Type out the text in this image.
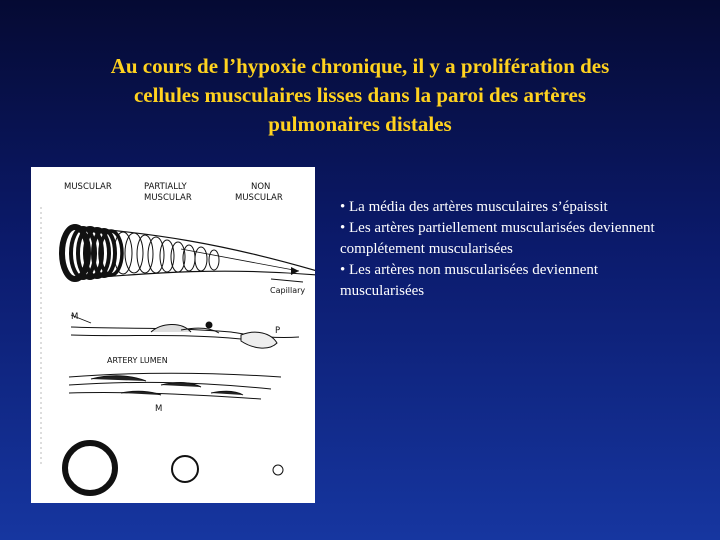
Au cours de l’hypoxie chronique, il y a prolifération des
cellules musculaires lisses dans la paroi des artères
pulmonaires distales
MUSCULAR	PARTIALLY
MUSCULAR
NON
MUSCULAR
Capillary
M
P
ARTERY LUMEN
M

• La média des artères musculaires s’épaissit

• Les artères partiellement muscularisées deviennent complétement muscularisées

• Les artères non muscularisées deviennent muscularisées
